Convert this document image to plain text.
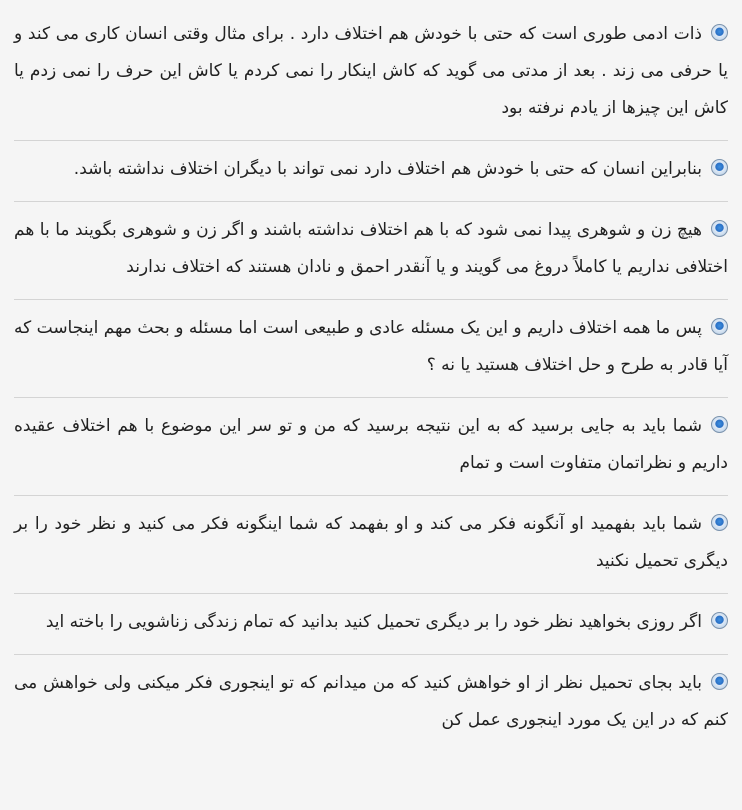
ذات ادمی طوری است که حتی با خودش هم اختلاف دارد . برای مثال وقتی انسان کاری می کند و یا حرفی می زند . بعد از مدتی می گوید که کاش اینکار را نمی کردم یا کاش این حرف را نمی زدم یا کاش این چیزها از یادم نرفته بود
بنابراین انسان که حتی با خودش هم اختلاف دارد نمی تواند با دیگران اختلاف نداشته باشد.
هیچ زن و شوهری پیدا نمی شود که با هم اختلاف نداشته باشند و اگر زن و شوهری بگویند ما با هم اختلافی نداریم یا کاملاً دروغ می گویند و یا آنقدر احمق و نادان هستند که اختلاف ندارند
پس ما همه اختلاف داریم و این یک مسئله عادی و طبیعی است اما مسئله و بحث مهم اینجاست که آیا قادر به طرح و حل اختلاف هستید یا نه ؟
شما باید به جایی برسید که به این نتیجه برسید که من و تو سر این موضوع با هم اختلاف عقیده داریم و نظراتمان متفاوت است و تمام
شما باید بفهمید او آنگونه فکر می کند و او بفهمد که شما اینگونه فکر می کنید و نظر خود را بر دیگری تحمیل نکنید
اگر روزی بخواهید نظر خود را بر دیگری تحمیل کنید بدانید که تمام زندگی زناشویی را باخته اید
باید بجای تحمیل نظر از او خواهش کنید که من میدانم که تو اینجوری فکر میکنی ولی خواهش می کنم که در این یک مورد اینجوری عمل کن
